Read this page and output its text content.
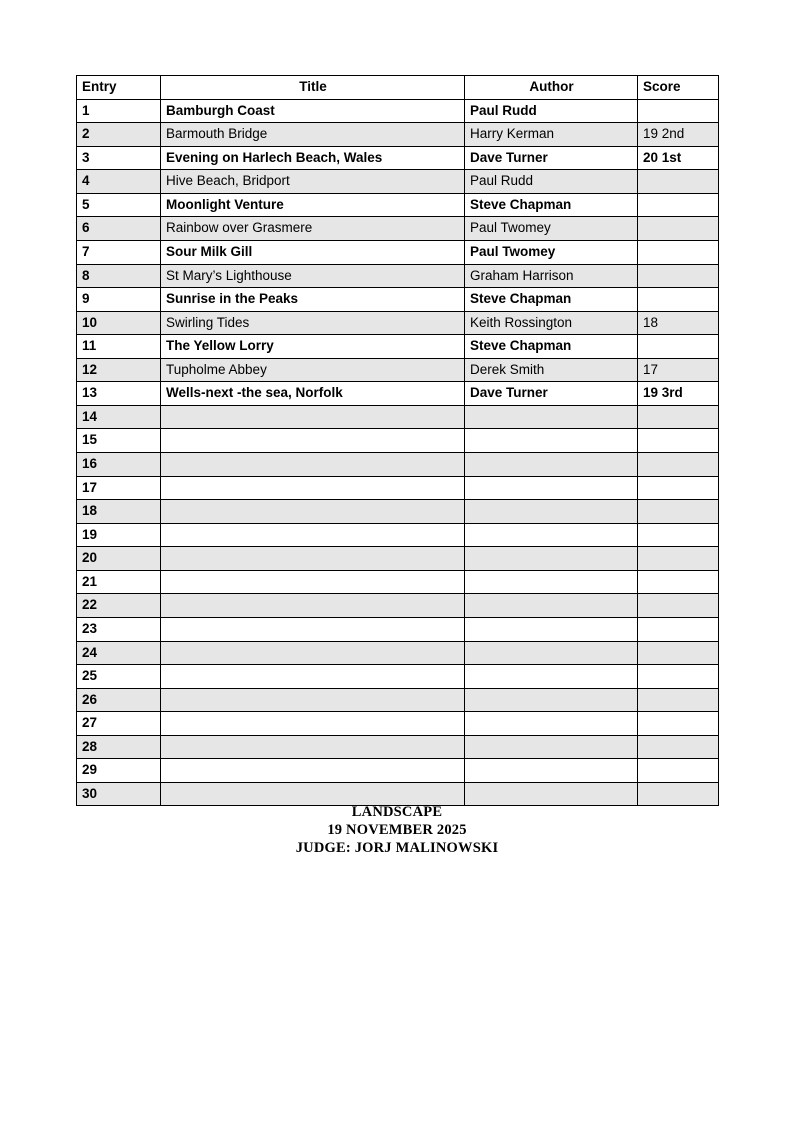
Entry	Title	Author	Score
1	Bamburgh Coast	Paul Rudd	
2	Barmouth Bridge	Harry Kerman	19 2nd
3	Evening on Harlech Beach, Wales	Dave Turner	20 1st
4	Hive Beach, Bridport	Paul Rudd	
5	Moonlight Venture	Steve Chapman	
6	Rainbow over Grasmere	Paul Twomey	
7	Sour Milk Gill	Paul Twomey	
8	St Mary’s Lighthouse	Graham Harrison	
9	Sunrise in the Peaks	Steve Chapman	
10	Swirling Tides	Keith Rossington	18
11	The Yellow Lorry	Steve Chapman	
12	Tupholme Abbey	Derek Smith	17
13	Wells-next -the sea, Norfolk	Dave Turner	19 3rd
14			
15			
16			
17			
18			
19			
20			
21			
22			
23			
24			
25			
26			
27			
28			
29			
30			
LANDSCAPE
19 NOVEMBER 2025
JUDGE: JORJ MALINOWSKI
